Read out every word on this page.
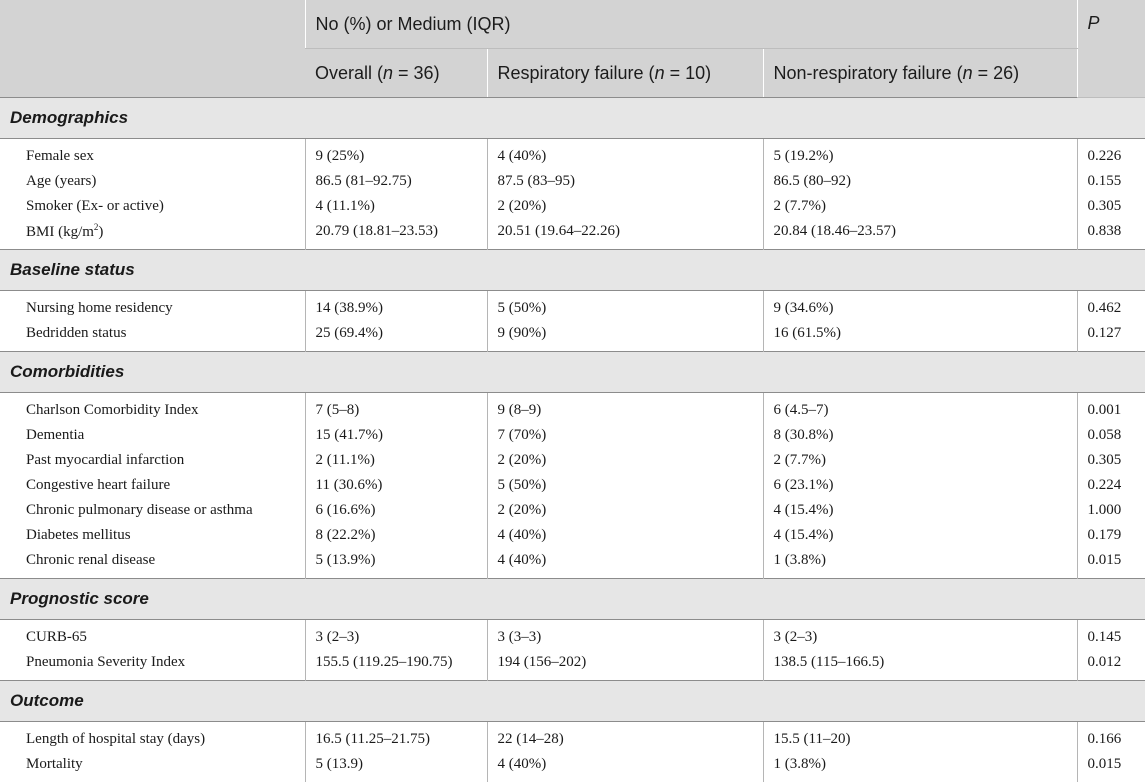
	No (%) or Medium (IQR)			P
	Overall (n = 36)	Respiratory failure (n = 10)	Non-respiratory failure (n = 26)	
Demographics				
Female sex	9 (25%)	4 (40%)	5 (19.2%)	0.226
Age (years)	86.5 (81–92.75)	87.5 (83–95)	86.5 (80–92)	0.155
Smoker (Ex- or active)	4 (11.1%)	2 (20%)	2 (7.7%)	0.305
BMI $(kg/m^2)$	20.79 (18.81–23.53)	20.51 (19.64–22.26)	20.84 (18.46–23.57)	0.838
Baseline status				
Nursing home residency	14 (38.9%)	5 (50%)	9 (34.6%)	0.462
Bedridden status	25 (69.4%)	9 (90%)	16 (61.5%)	0.127
Comorbidities				
Charlson Comorbidity Index	7 (5–8)	9 (8–9)	6 (4.5–7)	0.001
Dementia	15 (41.7%)	7 (70%)	8 (30.8%)	0.058
Past myocardial infarction	2 (11.1%)	2 (20%)	2 (7.7%)	0.305
Congestive heart failure	11 (30.6%)	5 (50%)	6 (23.1%)	0.224
Chronic pulmonary disease or asthma	6 (16.6%)	2 (20%)	4 (15.4%)	1.000
Diabetes mellitus	8 (22.2%)	4 (40%)	4 (15.4%)	0.179
Chronic renal disease	5 (13.9%)	4 (40%)	1 (3.8%)	0.015
Prognostic score				
CURB-65	3 (2–3)	3 (3–3)	3 (2–3)	0.145
Pneumonia Severity Index	155.5 (119.25–190.75)	194 (156–202)	138.5 (115–166.5)	0.012
Outcome				
Length of hospital stay (days)	16.5 (11.25–21.75)	22 (14–28)	15.5 (11–20)	0.166
Mortality	5 (13.9)	4 (40%)	1 (3.8%)	0.015
